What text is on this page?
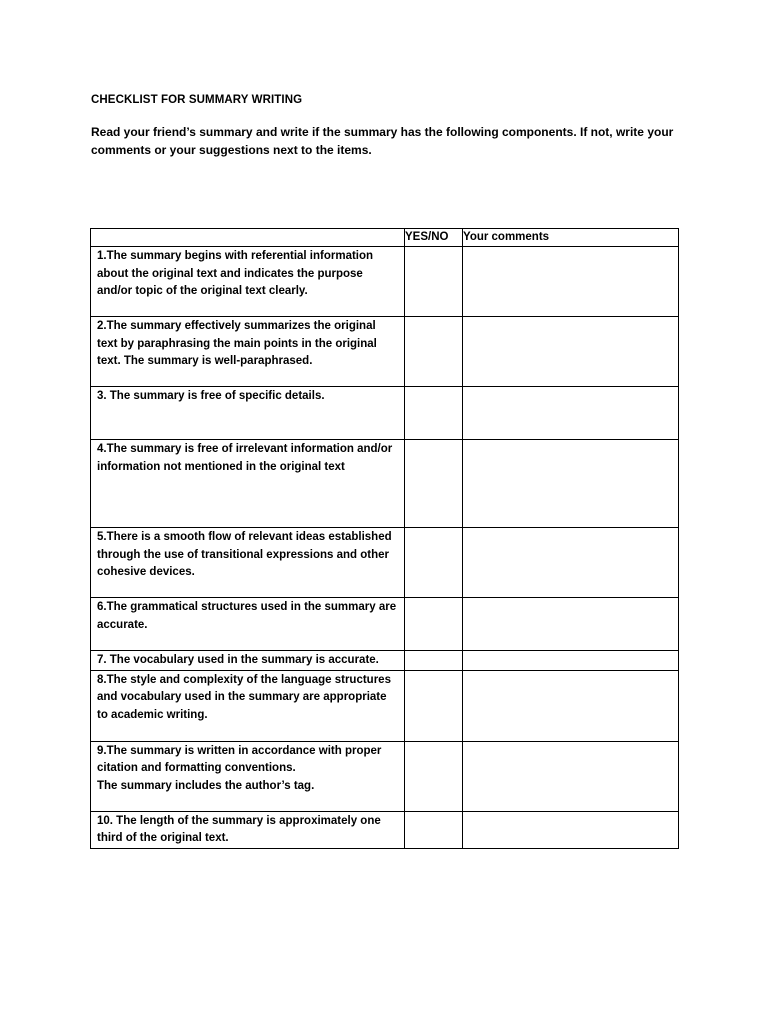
CHECKLIST FOR SUMMARY WRITING
Read your friend’s summary and write if the summary has the following components. If not, write your comments or your suggestions next to the items.
	YES/NO	Your comments

1.The summary begins with referential information about the original text and indicates the purpose and/or topic of the original text clearly.		

2.The summary effectively summarizes the original text by paraphrasing the main points in the original text. The summary is well-paraphrased.		

3. The summary is free of specific details.		

4.The summary is free of irrelevant information and/or information not mentioned in the original text		

5.There is a smooth flow of relevant ideas established through the use of transitional expressions and other cohesive devices.		

6.The grammatical structures used in the summary are accurate.		

7. The vocabulary used in the summary is accurate.		

8.The style and complexity of the language structures and vocabulary used in the summary are appropriate to academic writing.		

9.The summary is written in accordance with proper citation and formatting conventions.
The summary includes the author’s tag.		

10. The length of the summary is approximately one third of the original text.		
